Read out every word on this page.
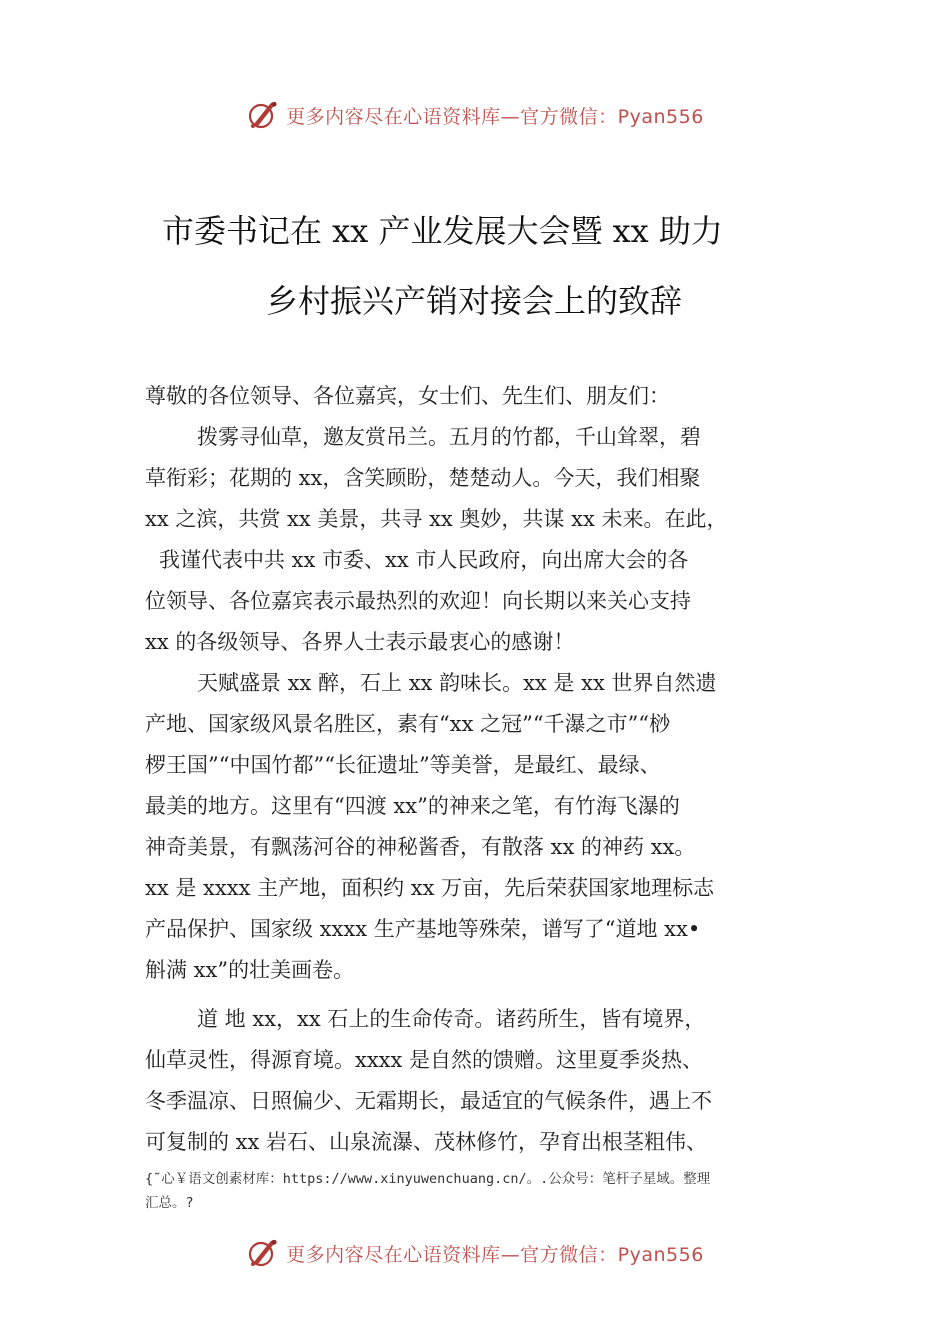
更多内容尽在心语资料库—官方微信：Pyan556
市委书记在 xx 产业发展大会暨 xx 助力
乡村振兴产销对接会上的致辞
尊敬的各位领导、各位嘉宾，女士们、先生们、朋友们：
拨雾寻仙草，邀友赏吊兰。五月的竹都，千山耸翠，碧
草衔彩；花期的 xx，含笑顾盼，楚楚动人。今天，我们相聚
xx 之滨，共赏 xx 美景，共寻 xx 奥妙，共谋 xx 未来。在此，
我谨代表中共 xx 市委、xx 市人民政府，向出席大会的各
位领导、各位嘉宾表示最热烈的欢迎！向长期以来关心支持
xx 的各级领导、各界人士表示最衷心的感谢！
天赋盛景 xx 醉，石上 xx 韵味长。xx 是 xx 世界自然遗
产地、国家级风景名胜区，素有“xx 之冠”“千瀑之市”“桫
椤王国”“中国竹都”“长征遗址”等美誉，是最红、最绿、
最美的地方。这里有“四渡 xx”的神来之笔，有竹海飞瀑的
神奇美景，有飘荡河谷的神秘酱香，有散落 xx 的神药 xx。
xx 是 xxxx 主产地，面积约 xx 万亩，先后荣获国家地理标志
产品保护、国家级 xxxx 生产基地等殊荣，谱写了“道地 xx•
斛满 xx”的壮美画卷。
道 地 xx，xx 石上的生命传奇。诸药所生，皆有境界，
仙草灵性，得源育境。xxxx 是自然的馈赠。这里夏季炎热、
冬季温凉、日照偏少、无霜期长，最适宜的气候条件，遇上不
可复制的 xx 岩石、山泉流瀑、茂林修竹，孕育出根茎粗伟、
{˜心￥语文创素材库：https://www.xinyuwenchuang.cn/。.公众号：笔杆子星域。整理
汇总。?
更多内容尽在心语资料库—官方微信：Pyan556
